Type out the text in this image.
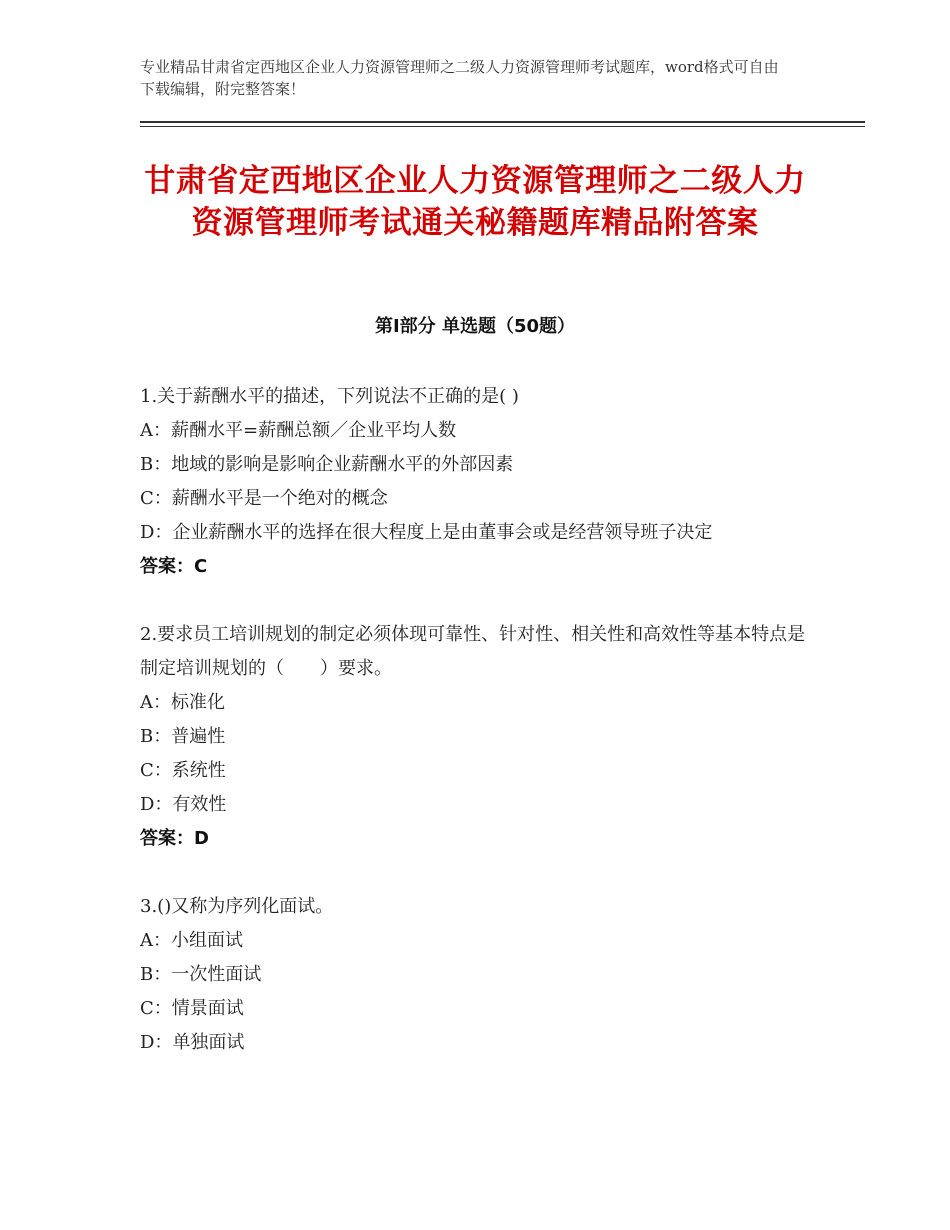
专业精品甘肃省定西地区企业人力资源管理师之二级人力资源管理师考试题库，word格式可自由下载编辑，附完整答案！
甘肃省定西地区企业人力资源管理师之二级人力资源管理师考试通关秘籍题库精品附答案
第Ⅰ部分 单选题（50题）
1.关于薪酬水平的描述，下列说法不正确的是( )
A：薪酬水平=薪酬总额／企业平均人数
B：地域的影响是影响企业薪酬水平的外部因素
C：薪酬水平是一个绝对的概念
D：企业薪酬水平的选择在很大程度上是由董事会或是经营领导班子决定
答案：C
2.要求员工培训规划的制定必须体现可靠性、针对性、相关性和高效性等基本特点是制定培训规划的（　　）要求。
A：标准化
B：普遍性
C：系统性
D：有效性
答案：D
3.()又称为序列化面试。
A：小组面试
B：一次性面试
C：情景面试
D：单独面试
